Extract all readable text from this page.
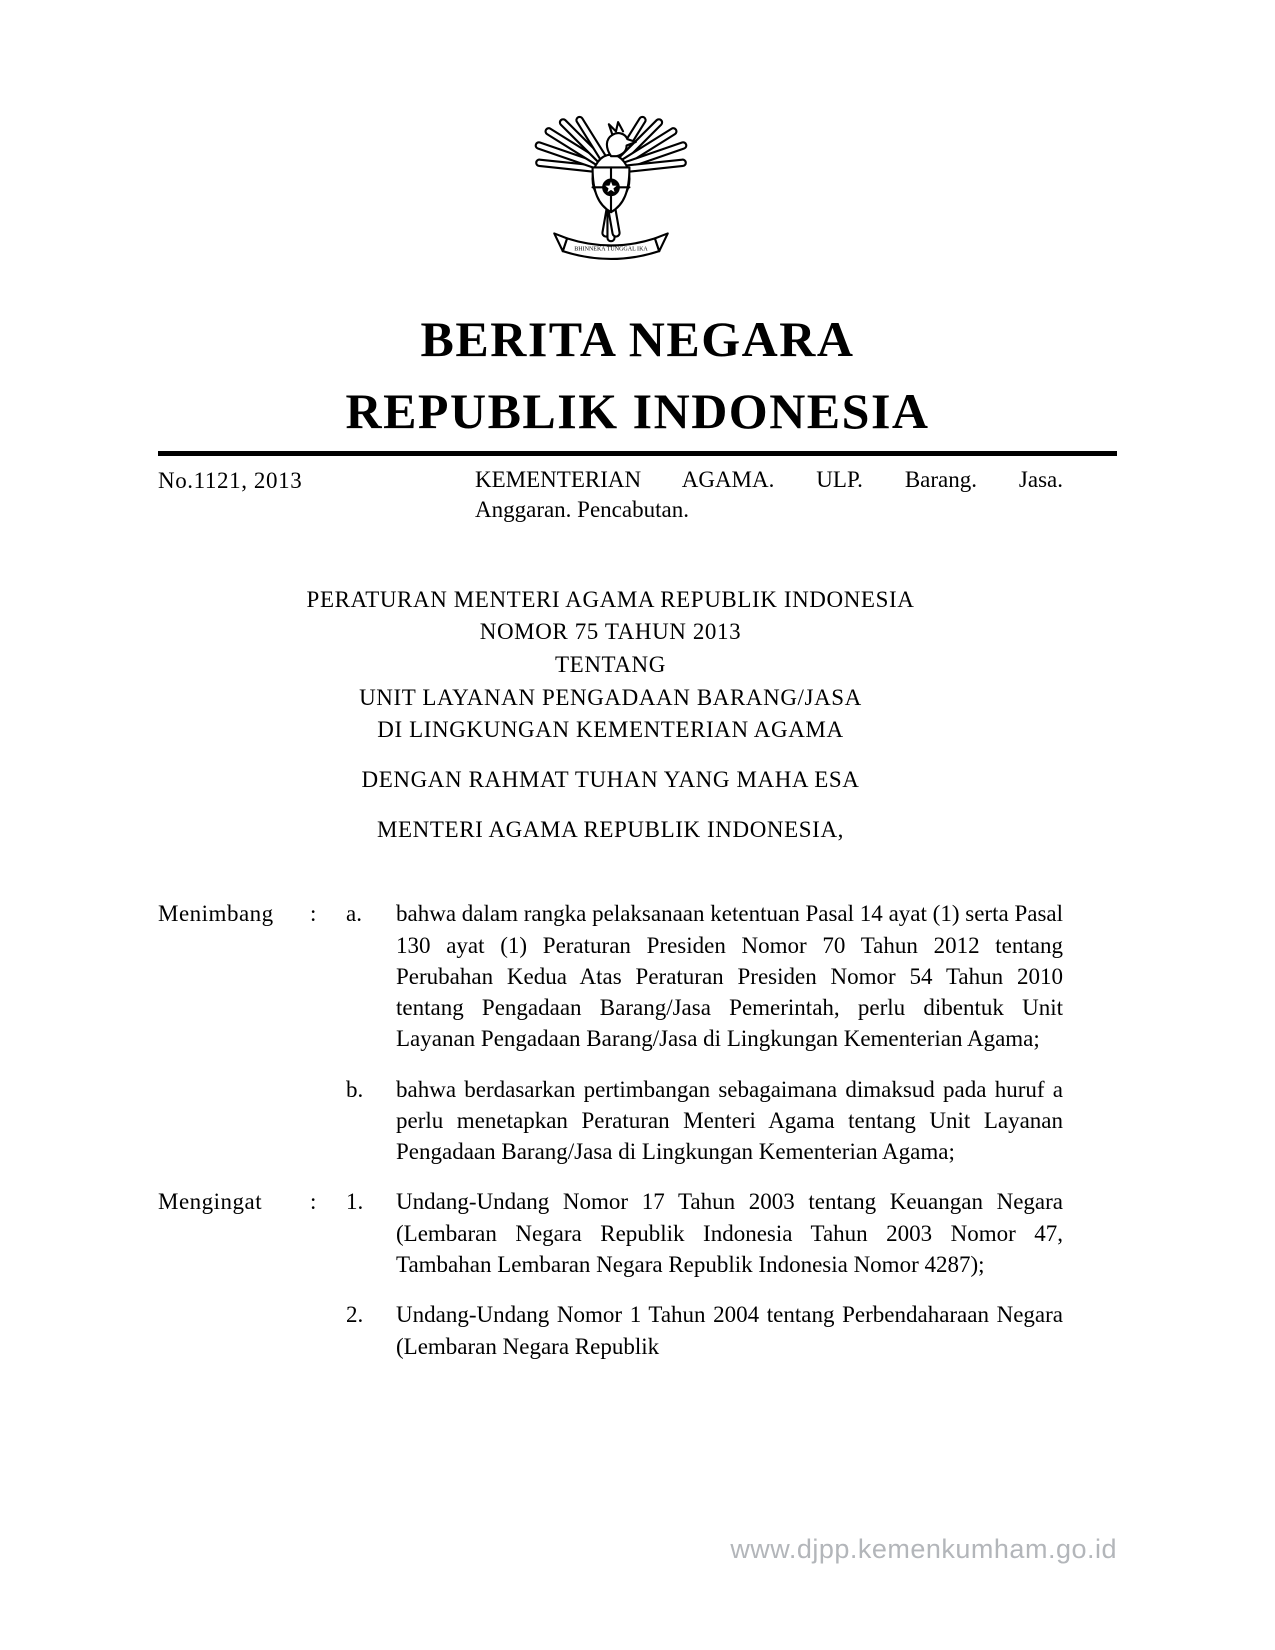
BHINNEKA TUNGGAL IKA
BERITA NEGARA
REPUBLIK INDONESIA
No.1121, 2013	KEMENTERIAN AGAMA. ULP. Barang. Jasa.
Anggaran. Pencabutan.
PERATURAN MENTERI AGAMA REPUBLIK INDONESIA
NOMOR 75 TAHUN 2013
TENTANG
UNIT LAYANAN PENGADAAN BARANG/JASA
DI LINGKUNGAN KEMENTERIAN AGAMA
DENGAN RAHMAT TUHAN YANG MAHA ESA
MENTERI AGAMA REPUBLIK INDONESIA,
Menimbang	:	a.	bahwa dalam rangka pelaksanaan ketentuan Pasal 14 ayat (1) serta Pasal 130 ayat (1) Peraturan Presiden Nomor 70 Tahun 2012 tentang Perubahan Kedua Atas Peraturan Presiden Nomor 54 Tahun 2010 tentang Pengadaan Barang/Jasa Pemerintah, perlu dibentuk Unit Layanan Pengadaan Barang/Jasa di Lingkungan Kementerian Agama;
b.	bahwa berdasarkan pertimbangan sebagaimana dimaksud pada huruf a perlu menetapkan Peraturan Menteri Agama tentang Unit Layanan Pengadaan Barang/Jasa di Lingkungan Kementerian Agama;
Mengingat	:	1.	Undang-Undang Nomor 17 Tahun 2003 tentang Keuangan Negara (Lembaran Negara Republik Indonesia Tahun 2003 Nomor 47, Tambahan Lembaran Negara Republik Indonesia Nomor 4287);
2.	Undang-Undang Nomor 1 Tahun 2004 tentang Perbendaharaan Negara (Lembaran Negara Republik
www.djpp.kemenkumham.go.id
